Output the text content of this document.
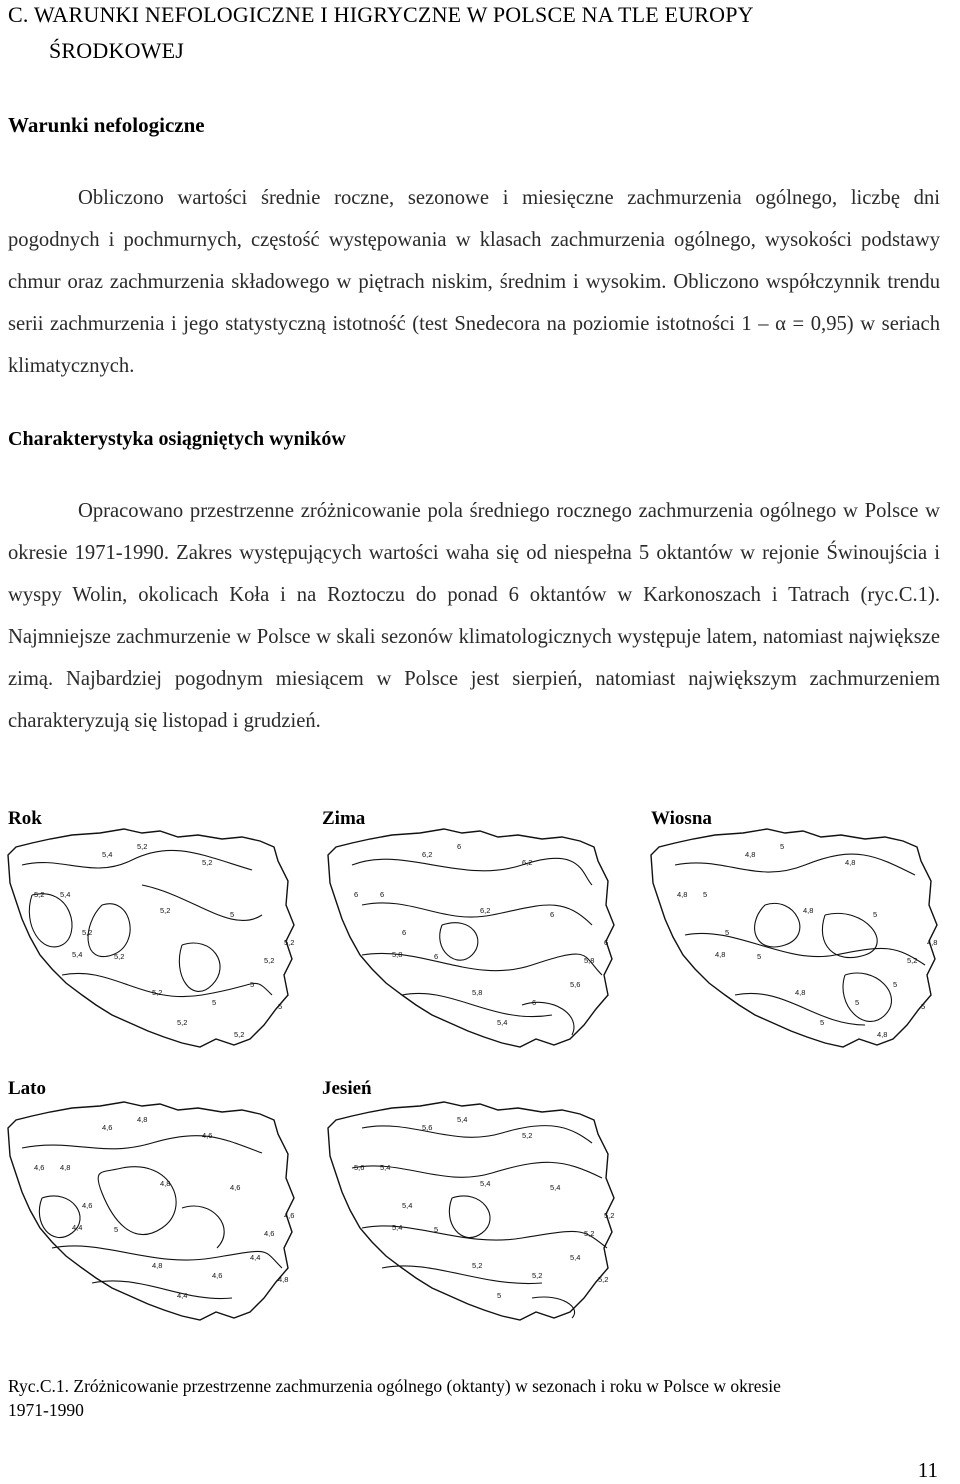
C. WARUNKI NEFOLOGICZNE I HIGRYCZNE W POLSCE NA TLE EUROPY
ŚRODKOWEJ
Warunki nefologiczne
Obliczono wartości średnie roczne, sezonowe i miesięczne zachmurzenia ogólnego, liczbę dni pogodnych i pochmurnych, częstość występowania w klasach zachmurzenia ogólnego, wysokości podstawy chmur oraz zachmurzenia składowego w piętrach niskim, średnim i wysokim. Obliczono współczynnik trendu serii zachmurzenia i jego statystyczną istotność (test Snedecora na poziomie istotności 1 – α = 0,95) w seriach klimatycznych.
Charakterystyka osiągniętych wyników
Opracowano przestrzenne zróżnicowanie pola średniego rocznego zachmurzenia ogólnego w Polsce w okresie 1971-1990. Zakres występujących wartości waha się od niespełna 5 oktantów w rejonie Świnoujścia i wyspy Wolin, okolicach Koła i na Roztoczu do ponad 6 oktantów w Karkonoszach i Tatrach (ryc.C.1). Najmniejsze zachmurzenie w Polsce w skali sezonów klimatologicznych występuje latem, natomiast największe zimą. Najbardziej pogodnym miesiącem w Polsce jest sierpień, natomiast największym zachmurzeniem charakteryzują się listopad i grudzień.
Rok	Zima	Wiosna
Lato	Jesień
5,4
5,2
5,2
5,2 5,4
5,2
5,2	5
5,2
5,4	5,2	5,2
5,2
5
5
5,2
5
5,2
6,2
6
6,2
6	6
6
6,2	6
6
5,8	6	5,8
5,8
5,6
6
5,4
4,8
5
4,8
4,8 5
5
4,8	5
4,8
4,8	5	5,2
4,8
5
5
5
5
4,8
4,6
4,8
4,6
4,6 4,8
4,6
4,8	4,6
4,6
4,4	5	4,6
4,8
4,4
4,6
4,4
4,8
5,6
5,4
5,2
5,6 5,4
5,4
5,4	5,4
5,2
5,4	5	5,2
5,2
5,4
5,2
5
5,2
Ryc.C.1. Zróżnicowanie przestrzenne zachmurzenia ogólnego (oktanty) w sezonach i roku w Polsce w okresie
1971-1990
11
